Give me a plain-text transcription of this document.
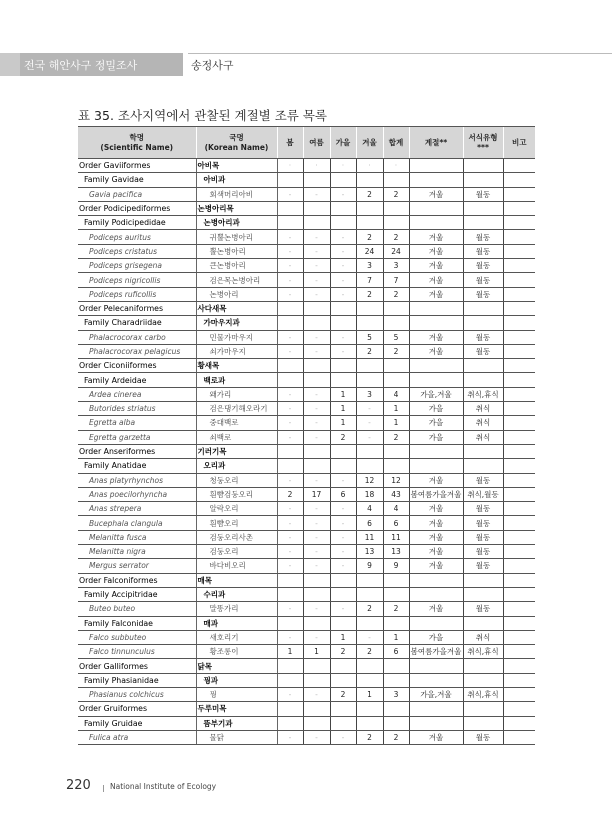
전국 해안사구 정밀조사	송정사구
표 35. 조사지역에서 관찰된 계절별 조류 목록
학명
(Scientific Name)	국명
(Korean Name)	봄	여름	가을	겨울	합계	계절**	서식유형***	비고
Order Gaviiformes	아비목	·	·	·	·	·			
Family Gavidae	아비과								
Gavia pacifica	회색머리아비	-	-	-	2	2	겨울	월동	
Order Podicipediformes	논병아리목								
Family Podicipedidae	논병아리과								
Podiceps auritus	귀뿔논병아리	-	-	-	2	2	겨울	월동	
Podiceps cristatus	뿔논병아리	-	-	-	24	24	겨울	월동	
Podiceps grisegena	큰논병아리	-	-	-	3	3	겨울	월동	
Podiceps nigricollis	검은목논병아리	-	-	-	7	7	겨울	월동	
Podiceps ruficollis	논병아리	-	-	-	2	2	겨울	월동	
Order Pelecaniformes	사다새목								
Family Charadriidae	가마우지과								
Phalacrocorax carbo	민물가마우지	-	-	-	5	5	겨울	월동	
Phalacrocorax pelagicus	쇠가마우지	-	-	-	2	2	겨울	월동	
Order Ciconiiformes	황새목								
Family Ardeidae	백로과								
Ardea cinerea	왜가리	-	-	1	3	4	가을,겨울	취식,휴식	
Butorides striatus	검은댕기해오라기	-	-	1	-	1	가을	취식	
Egretta alba	중대백로	-	-	1	-	1	가을	취식	
Egretta garzetta	쇠백로	-	-	2	-	2	가을	취식	
Order Anseriformes	기러기목								
Family Anatidae	오리과								
Anas platyrhynchos	청둥오리	-	-	-	12	12	겨울	월동	
Anas poecilorhyncha	흰뺨검둥오리	2	17	6	18	43	봄여름가을겨울	취식,월동	
Anas strepera	알락오리	-	-	-	4	4	겨울	월동	
Bucephala clangula	흰뺨오리	-	-	-	6	6	겨울	월동	
Melanitta fusca	검둥오리사촌	-	-	-	11	11	겨울	월동	
Melanitta nigra	검둥오리	-	-	-	13	13	겨울	월동	
Mergus serrator	바다비오리	-	-	-	9	9	겨울	월동	
Order Falconiformes	매목								
Family Accipitridae	수리과								
Buteo buteo	말똥가리	-	-	-	2	2	겨울	월동	
Family Falconidae	매과								
Falco subbuteo	새호리기	-	-	1	-	1	가을	취식	
Falco tinnunculus	황조롱이	1	1	2	2	6	봄여름가을겨울	취식,휴식	
Order Galliformes	닭목								
Family Phasianidae	꿩과								
Phasianus colchicus	꿩	-	-	2	1	3	가을,겨울	취식,휴식	
Order Gruiformes	두루미목								
Family Gruidae	뜸부기과								
Fulica atra	물닭	-	-	-	2	2	겨울	월동	
220	National Institute of Ecology
